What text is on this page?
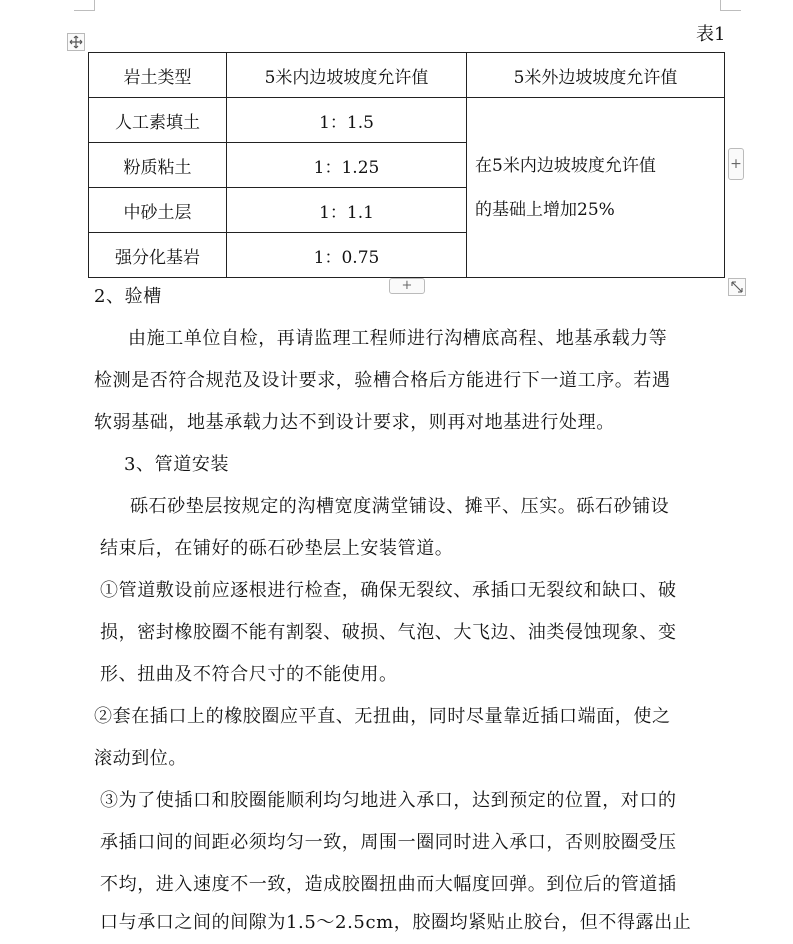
表1
岩土类型	5米内边坡坡度允许值	5米外边坡坡度允许值
人工素填土	1：1.5	在5米内边坡坡度允许值
的基础上增加25%

粉质粘土	1：1.25	
中砂土层	1：1.1	
强分化基岩	1：0.75	
+
+

2、验槽

由施工单位自检，再请监理工程师进行沟槽底高程、地基承载力等

检测是否符合规范及设计要求，验槽合格后方能进行下一道工序。若遇

软弱基础，地基承载力达不到设计要求，则再对地基进行处理。

3、管道安装

砾石砂垫层按规定的沟槽宽度满堂铺设、摊平、压实。砾石砂铺设

结束后，在铺好的砾石砂垫层上安装管道。

①管道敷设前应逐根进行检查，确保无裂纹、承插口无裂纹和缺口、破

损，密封橡胶圈不能有割裂、破损、气泡、大飞边、油类侵蚀现象、变

形、扭曲及不符合尺寸的不能使用。

②套在插口上的橡胶圈应平直、无扭曲，同时尽量靠近插口端面，使之

滚动到位。

③为了使插口和胶圈能顺利均匀地进入承口，达到预定的位置，对口的

承插口间的间距必须均匀一致，周围一圈同时进入承口，否则胶圈受压

不均，进入速度不一致，造成胶圈扭曲而大幅度回弹。到位后的管道插

口与承口之间的间隙为1.5～2.5cm，胶圈均紧贴止胶台，但不得露出止
